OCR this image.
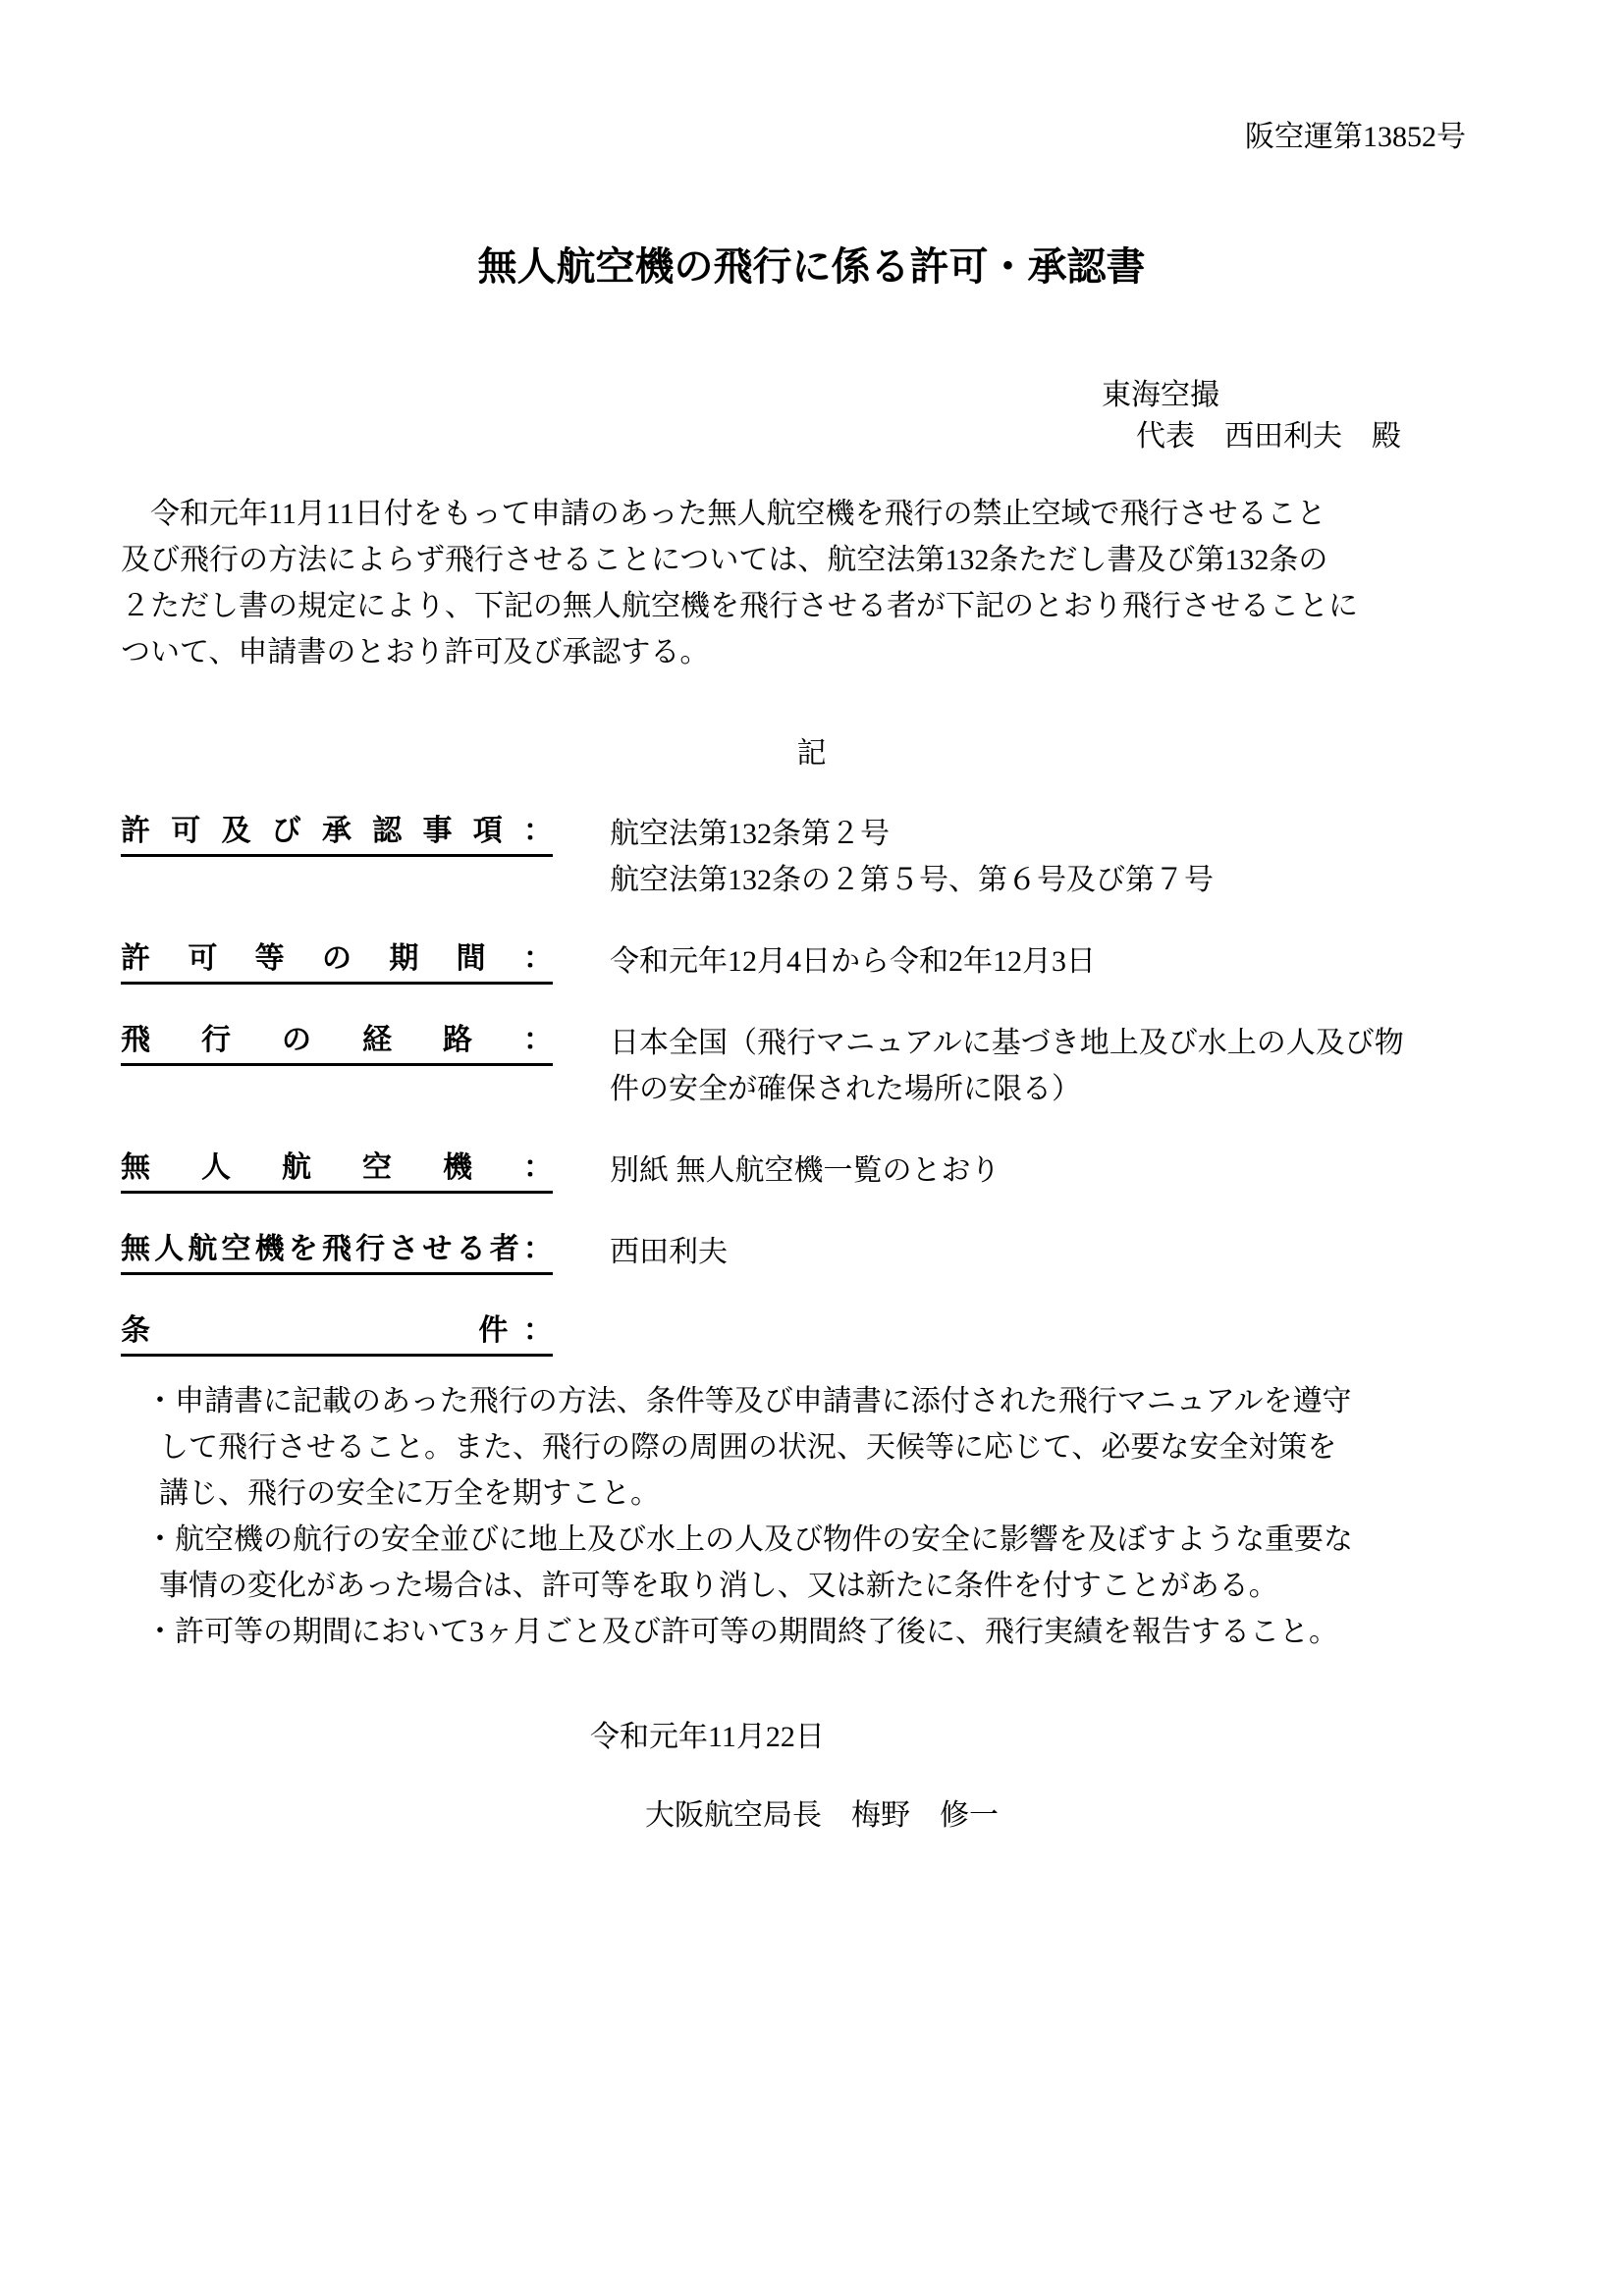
阪空運第13852号
無人航空機の飛行に係る許可・承認書
東海空撮
代表　西田利夫　殿
　令和元年11月11日付をもって申請のあった無人航空機を飛行の禁止空域で飛行させること
及び飛行の方法によらず飛行させることについては、航空法第132条ただし書及び第132条の
２ただし書の規定により、下記の無人航空機を飛行させる者が下記のとおり飛行させることに
ついて、申請書のとおり許可及び承認する。
記
許 可 及 び 承 認 事 項 ： 航空法第132条第２号
航空法第132条の２第５号、第６号及び第７号
許 可 等 の 期 間 ： 令和元年12月4日から令和2年12月3日
飛 行 の 経 路 ： 日本全国（飛行マニュアルに基づき地上及び水上の人及び物
件の安全が確保された場所に限る）
無 人 航 空 機 ： 別紙 無人航空機一覧のとおり
無 人 航 空 機 を 飛 行 さ せ る 者 ： 西田利夫
条

　	件 ：
・申請書に記載のあった飛行の方法、条件等及び申請書に添付された飛行マニュアルを遵守
して飛行させること。また、飛行の際の周囲の状況、天候等に応じて、必要な安全対策を
講じ、飛行の安全に万全を期すこと。
・航空機の航行の安全並びに地上及び水上の人及び物件の安全に影響を及ぼすような重要な
事情の変化があった場合は、許可等を取り消し、又は新たに条件を付すことがある。
・許可等の期間において3ヶ月ごと及び許可等の期間終了後に、飛行実績を報告すること。
令和元年11月22日
大阪航空局長　梅野　修一
